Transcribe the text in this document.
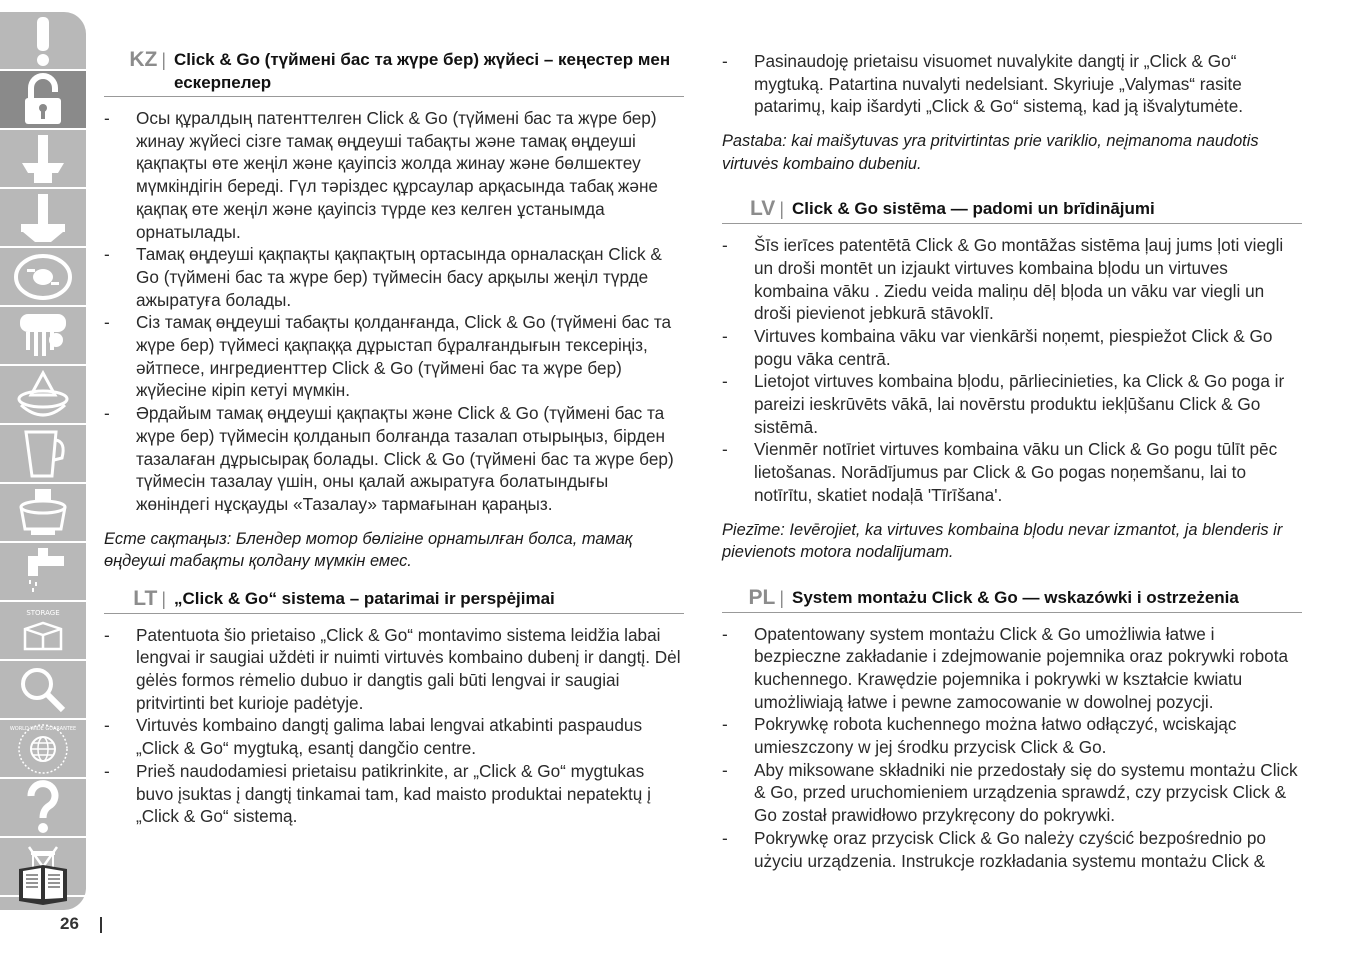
STORAGE
WORLD-WIDE GUARANTEE
26
KZ | Click & Go (түймені бас та жүре бер) жүйесі – кеңестер мен ескерпелер
- Осы құралдың патенттелген Click & Go (түймені бас та жүре бер) жинау жүйесі сізге тамақ өңдеуші табақты және тамақ өңдеуші қақпақты өте жеңіл және қауіпсіз жолда жинау және бөлшектеу мүмкіндігін береді. Гүл тәріздес құрсаулар арқасында табақ және қақпақ өте жеңіл және қауіпсіз түрде кез келген ұстанымда орнатылады.
- Тамақ өңдеуші қақпақты қақпақтың ортасында орналасқан Click & Go (түймені бас та жүре бер) түймесін басу арқылы жеңіл түрде ажыратуға болады.
- Сіз тамақ өңдеуші табақты қолданғанда, Click & Go (түймені бас та жүре бер) түймесі қақпаққа дұрыстап бұралғандығын тексеріңіз, әйтпесе, ингредиенттер Click & Go (түймені бас та жүре бер) жүйесіне кіріп кетуі мүмкін.
- Әрдайым тамақ өңдеуші қақпақты және Click & Go (түймені бас та жүре бер) түймесін қолданып болғанда тазалап отырыңыз, бірден тазалаған дұрысырақ болады. Click & Go (түймені бас та жүре бер) түймесін тазалау үшін, оны қалай ажыратуға болатындығы жөніндегі нұсқауды «Тазалау» тармағынан қараңыз.
Есте сақтаңыз: Блендер мотор бөлігіне орнатылған болса, тамақ өңдеуші табақты қолдану мүмкін емес.
LT | „Click & Go“ sistema – patarimai ir perspėjimai
- Patentuota šio prietaiso „Click & Go“ montavimo sistema leidžia labai lengvai ir saugiai uždėti ir nuimti virtuvės kombaino dubenį ir dangtį. Dėl gėlės formos rėmelio dubuo ir dangtis gali būti lengvai ir saugiai pritvirtinti bet kurioje padėtyje.
- Virtuvės kombaino dangtį galima labai lengvai atkabinti paspaudus „Click & Go“ mygtuką, esantį dangčio centre.
- Prieš naudodamiesi prietaisu patikrinkite, ar „Click & Go“ mygtukas buvo įsuktas į dangtį tinkamai tam, kad maisto produktai nepatektų į „Click & Go“ sistemą.
- Pasinaudoję prietaisu visuomet nuvalykite dangtį ir „Click & Go“ mygtuką. Patartina nuvalyti nedelsiant. Skyriuje „Valymas“ rasite patarimų, kaip išardyti „Click & Go“ sistemą, kad ją išvalytumėte.
Pastaba: kai maišytuvas yra pritvirtintas prie variklio, neįmanoma naudotis virtuvės kombaino dubeniu.
LV | Click & Go sistēma — padomi un brīdinājumi
- Šīs ierīces patentētā Click & Go montāžas sistēma ļauj jums ļoti viegli un droši montēt un izjaukt virtuves kombaina bļodu un virtuves kombaina vāku . Ziedu veida maliņu dēļ bļoda un vāku var viegli un droši pievienot jebkurā stāvoklī.
- Virtuves kombaina vāku var vienkārši noņemt, piespiežot Click & Go pogu vāka centrā.
- Lietojot virtuves kombaina bļodu, pārliecinieties, ka Click & Go poga ir pareizi ieskrūvēts vākā, lai novērstu produktu iekļūšanu Click & Go sistēmā.
- Vienmēr notīriet virtuves kombaina vāku un Click & Go pogu tūlīt pēc lietošanas. Norādījumus par Click & Go pogas noņemšanu, lai to notīrītu, skatiet nodaļā 'Tīrīšana'.
Piezīme: Ievērojiet, ka virtuves kombaina bļodu nevar izmantot, ja blenderis ir pievienots motora nodalījumam.
PL | System montażu Click & Go — wskazówki i ostrzeżenia
- Opatentowany system montażu Click & Go umożliwia łatwe i bezpieczne zakładanie i zdejmowanie pojemnika oraz pokrywki robota kuchennego. Krawędzie pojemnika i pokrywki w kształcie kwiatu umożliwiają łatwe i pewne zamocowanie w dowolnej pozycji.
- Pokrywkę robota kuchennego można łatwo odłączyć, wciskając umieszczony w jej środku przycisk Click & Go.
- Aby miksowane składniki nie przedostały się do systemu montażu Click & Go, przed uruchomieniem urządzenia sprawdź, czy przycisk Click & Go został prawidłowo przykręcony do pokrywki.
- Pokrywkę oraz przycisk Click & Go należy czyścić bezpośrednio po użyciu urządzenia. Instrukcje rozkładania systemu montażu Click &
